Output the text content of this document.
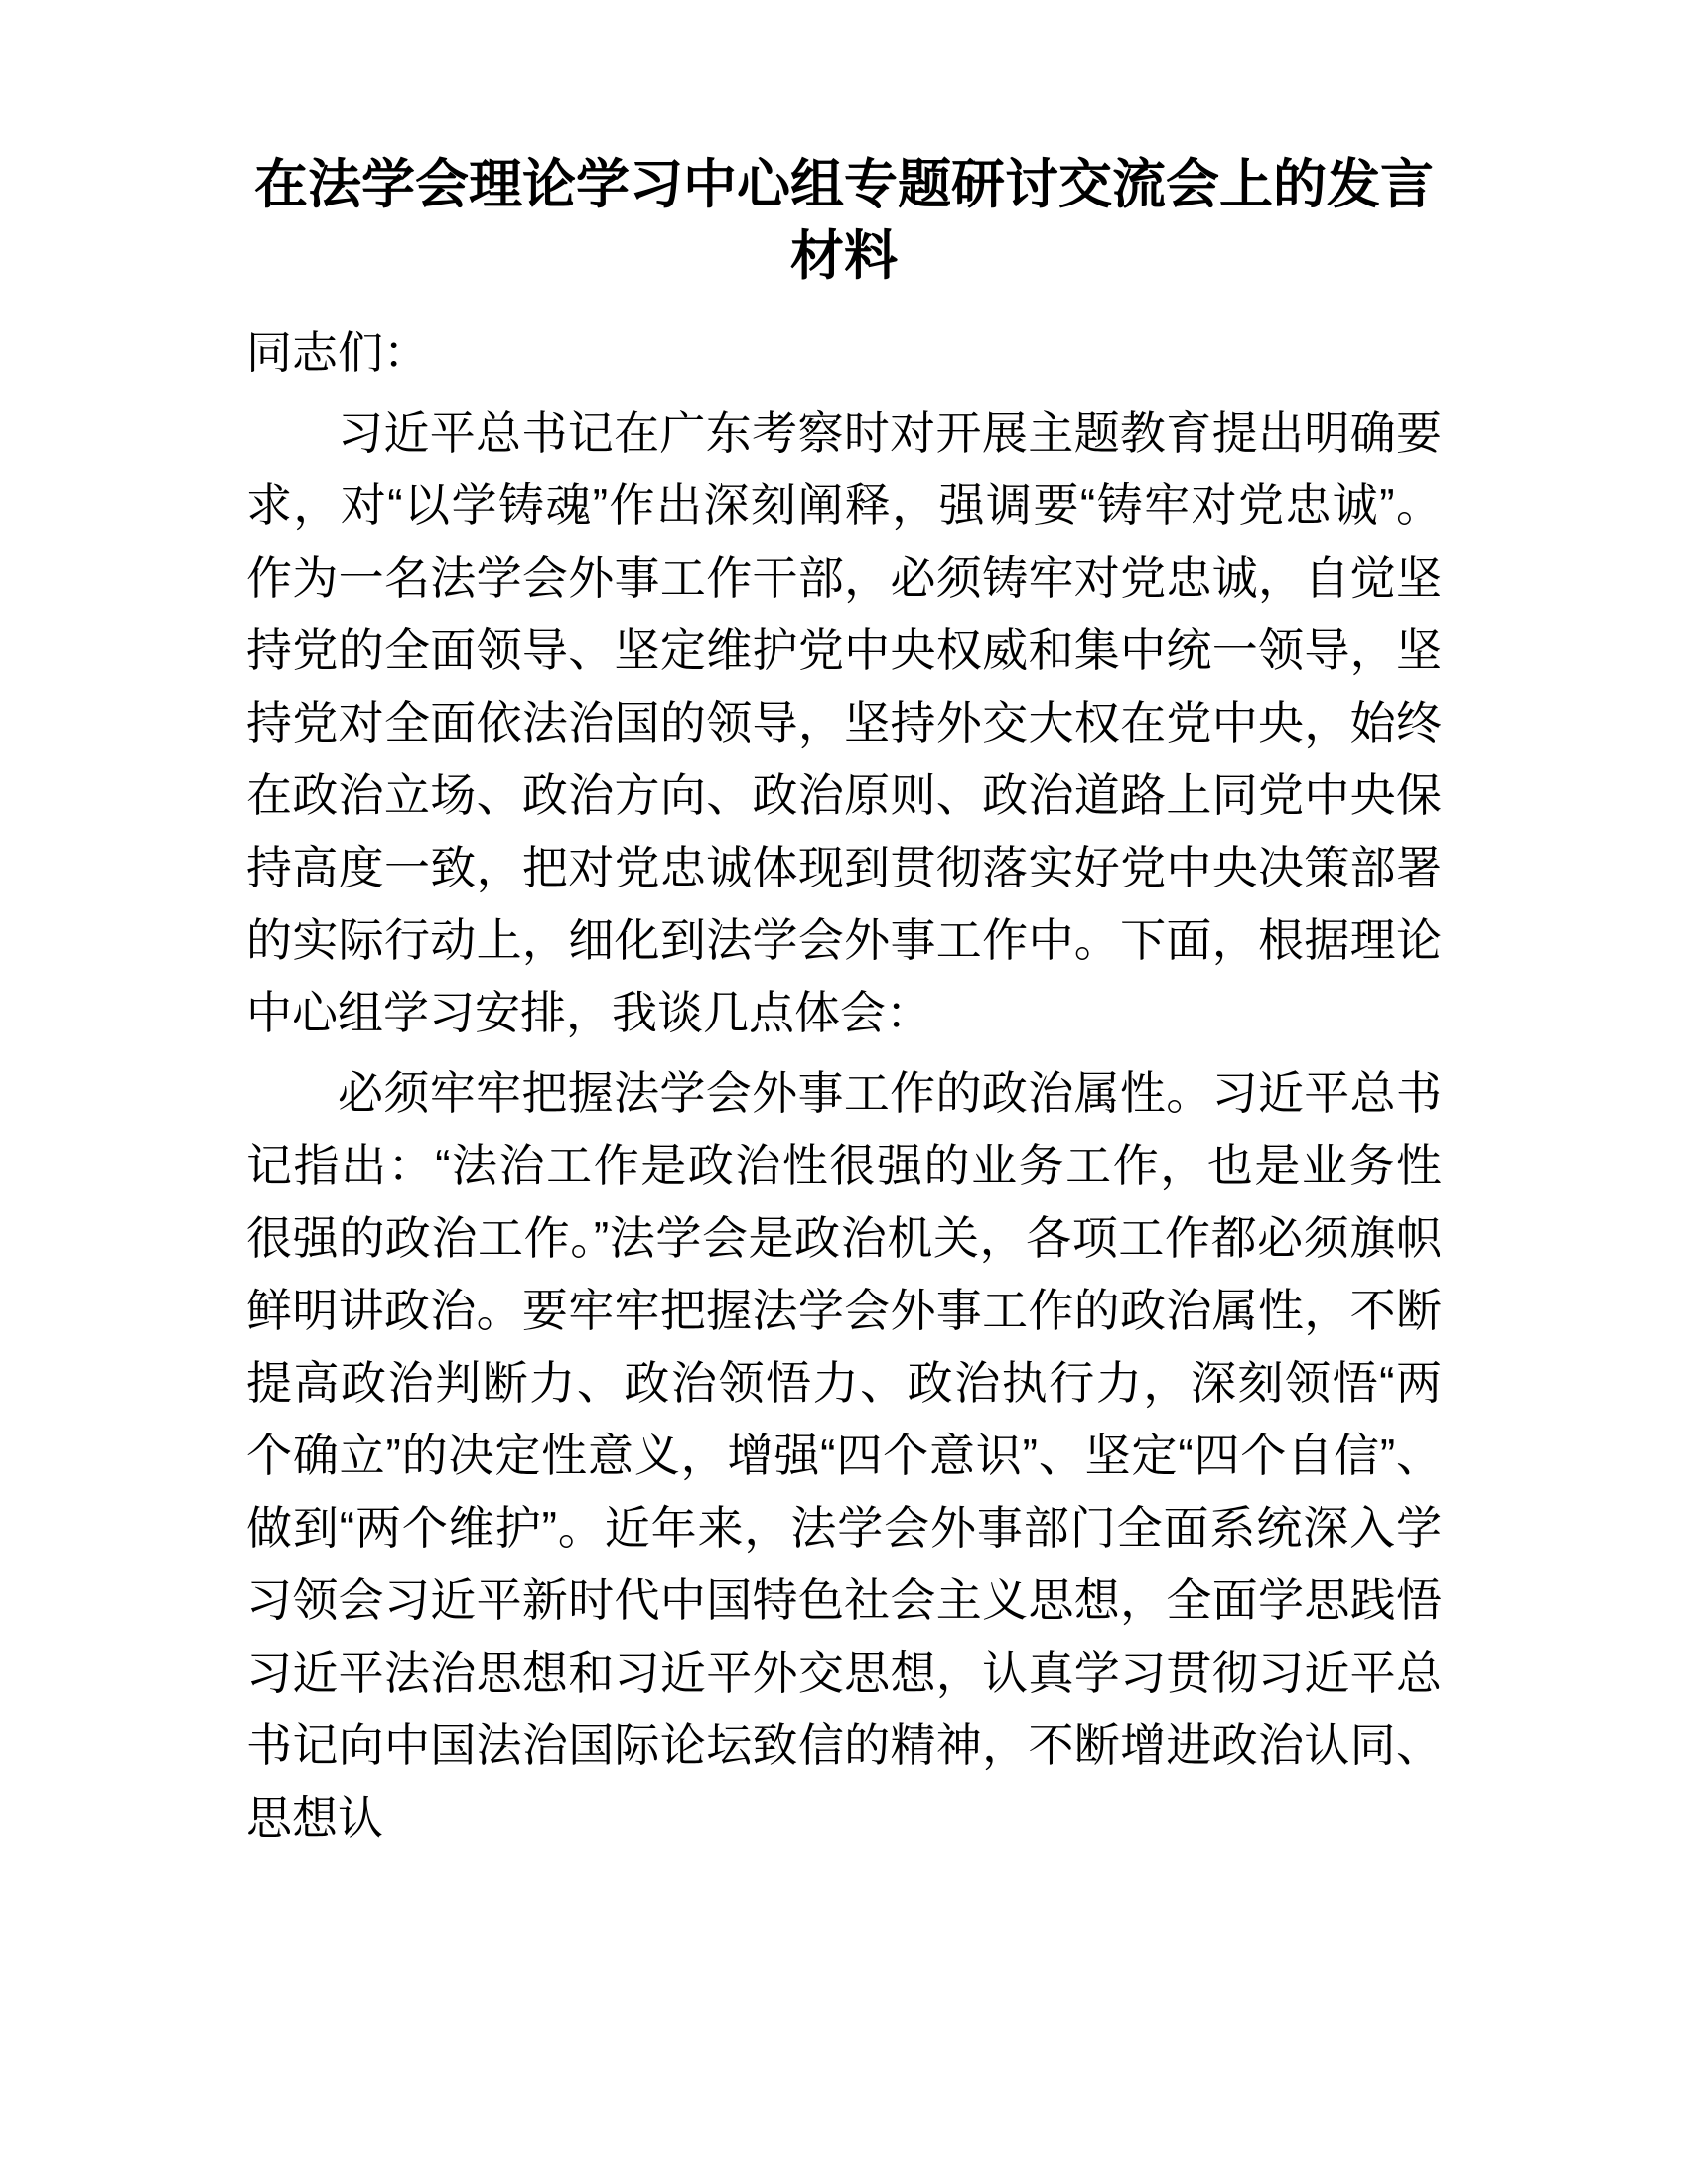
在法学会理论学习中心组专题研讨交流会上的发言材料

同志们：

习近平总书记在广东考察时对开展主题教育提出明确要求，对“以学铸魂”作出深刻阐释，强调要“铸牢对党忠诚”。作为一名法学会外事工作干部，必须铸牢对党忠诚，自觉坚持党的全面领导、坚定维护党中央权威和集中统一领导，坚持党对全面依法治国的领导，坚持外交大权在党中央，始终在政治立场、政治方向、政治原则、政治道路上同党中央保持高度一致，把对党忠诚体现到贯彻落实好党中央决策部署的实际行动上，细化到法学会外事工作中。下面，根据理论中心组学习安排，我谈几点体会：

必须牢牢把握法学会外事工作的政治属性。习近平总书记指出：“法治工作是政治性很强的业务工作，也是业务性很强的政治工作。”法学会是政治机关，各项工作都必须旗帜鲜明讲政治。要牢牢把握法学会外事工作的政治属性，不断提高政治判断力、政治领悟力、政治执行力，深刻领悟“两个确立”的决定性意义，增强“四个意识”、坚定“四个自信”、做到“两个维护”。近年来，法学会外事部门全面系统深入学习领会习近平新时代中国特色社会主义思想，全面学思践悟习近平法治思想和习近平外交思想，认真学习贯彻习近平总书记向中国法治国际论坛致信的精神，不断增进政治认同、思想认
